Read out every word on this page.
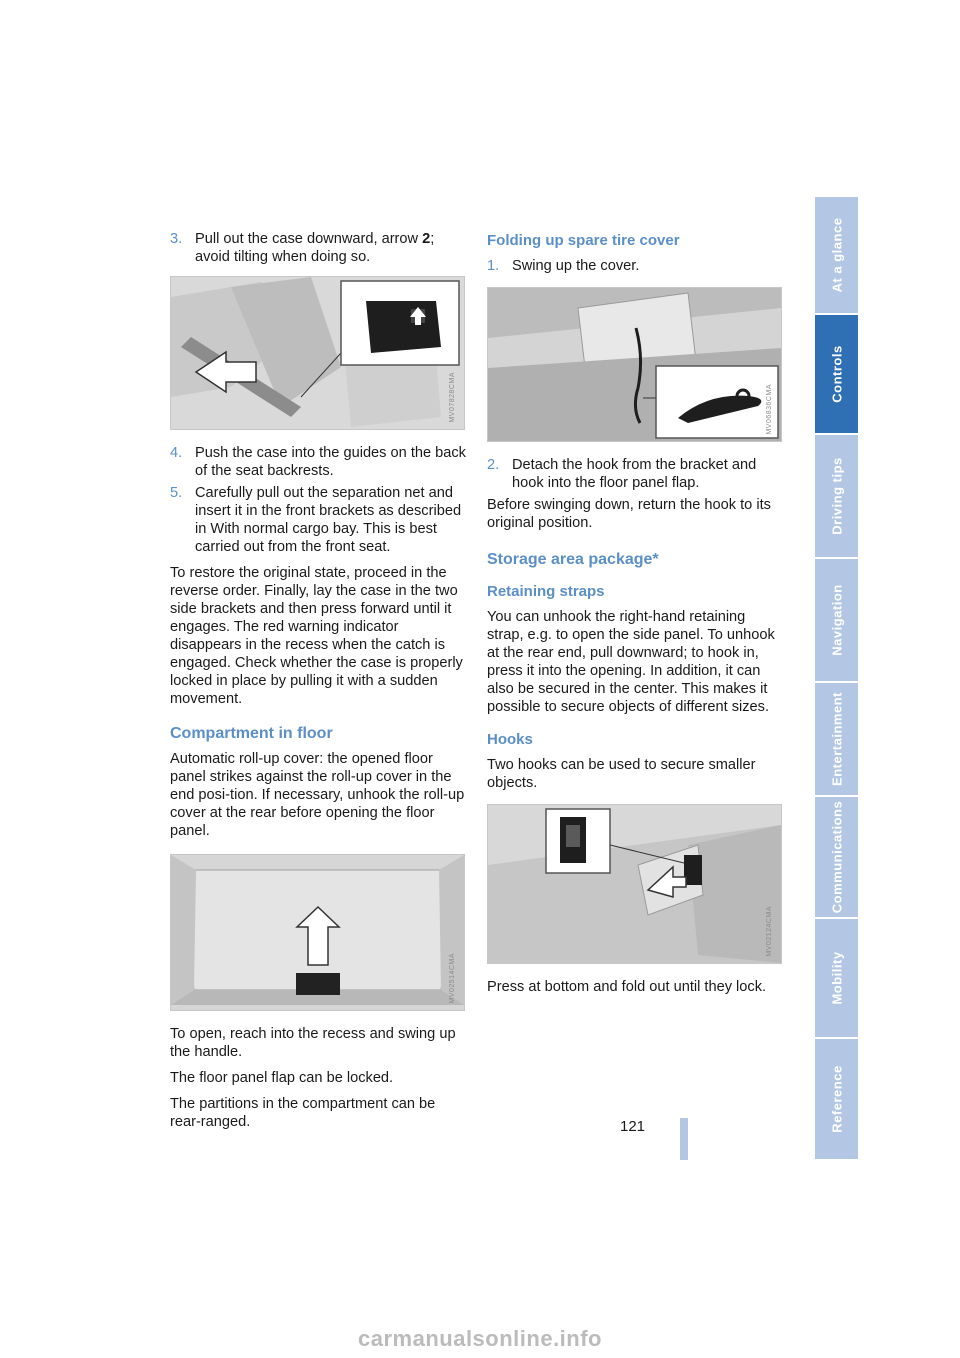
At a glance
Controls
Driving tips
Navigation
Entertainment
Communications
Mobility
Reference
3. Pull out the case downward, arrow 2; avoid tilting when doing so.
MV07828CMA
4. Push the case into the guides on the back of the seat backrests.
5. Carefully pull out the separation net and insert it in the front brackets as described in With normal cargo bay. This is best carried out from the front seat.

To restore the original state, proceed in the reverse order. Finally, lay the case in the two side brackets and then press forward until it engages. The red warning indicator disappears in the recess when the catch is engaged. Check whether the case is properly locked in place by pulling it with a sudden movement.

Compartment in floor

Automatic roll-up cover: the opened floor panel strikes against the roll-up cover in the end posi-tion. If necessary, unhook the roll-up cover at the rear before opening the floor panel.

MV02514CMA

To open, reach into the recess and swing up the handle.

The floor panel flap can be locked.

The partitions in the compartment can be rear-ranged.

Folding up spare tire cover
1. Swing up the cover.
MV06836CMA
2. Detach the hook from the bracket and hook into the floor panel flap.

Before swinging down, return the hook to its original position.

Storage area package*
Retaining straps

You can unhook the right-hand retaining strap, e.g. to open the side panel. To unhook at the rear end, pull downward; to hook in, press it into the opening. In addition, it can also be secured in the center. This makes it possible to secure objects of different sizes.

Hooks

Two hooks can be used to secure smaller objects.

MV02124CMA

Press at bottom and fold out until they lock.

121
carmanualsonline.info
